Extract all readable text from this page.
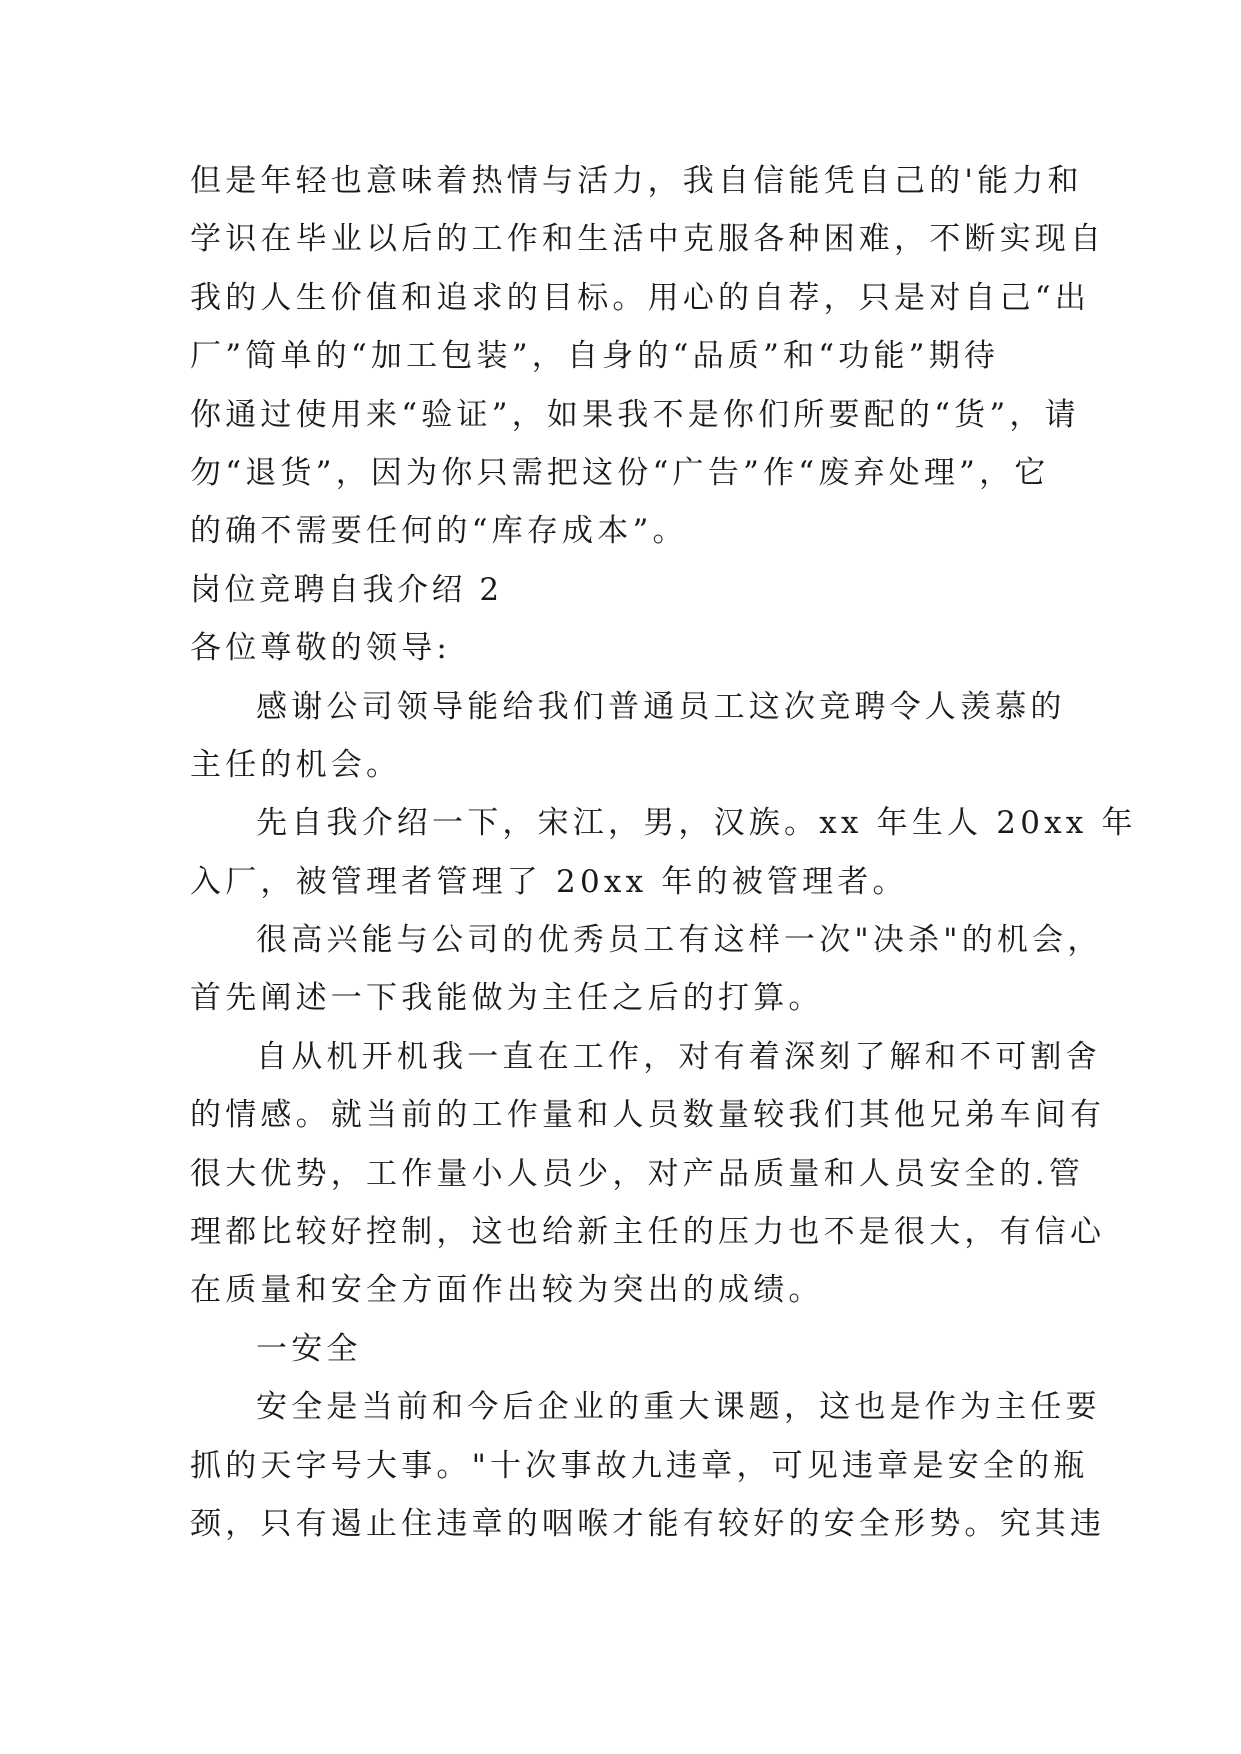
但是年轻也意味着热情与活力，我自信能凭自己的'能力和
学识在毕业以后的工作和生活中克服各种困难，不断实现自
我的人生价值和追求的目标。用心的自荐，只是对自己“出
厂”简单的“加工包装”，自身的“品质”和“功能”期待
你通过使用来“验证”，如果我不是你们所要配的“货”，请
勿“退货”，因为你只需把这份“广告”作“废弃处理”，它
的确不需要任何的“库存成本”。
岗位竞聘自我介绍 2
各位尊敬的领导:
感谢公司领导能给我们普通员工这次竞聘令人羡慕的
主任的机会。
先自我介绍一下，宋江，男，汉族。xx 年生人 20xx 年
入厂，被管理者管理了 20xx 年的被管理者。
很高兴能与公司的优秀员工有这样一次"决杀"的机会，
首先阐述一下我能做为主任之后的打算。
自从机开机我一直在工作，对有着深刻了解和不可割舍
的情感。就当前的工作量和人员数量较我们其他兄弟车间有
很大优势，工作量小人员少，对产品质量和人员安全的.管
理都比较好控制，这也给新主任的压力也不是很大，有信心
在质量和安全方面作出较为突出的成绩。
一安全
安全是当前和今后企业的重大课题，这也是作为主任要
抓的天字号大事。"十次事故九违章，可见违章是安全的瓶
颈，只有遏止住违章的咽喉才能有较好的安全形势。究其违
